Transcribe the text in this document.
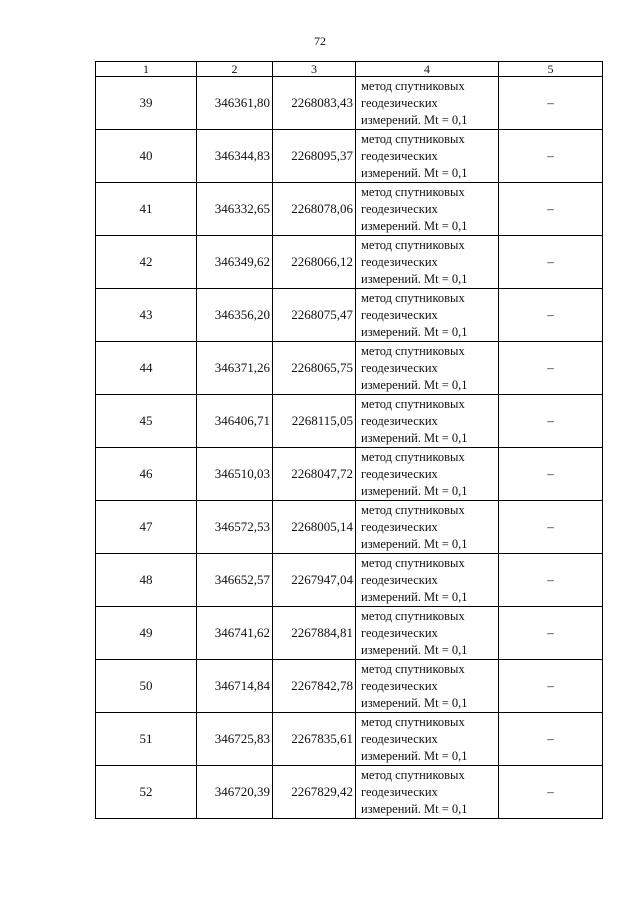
72
1	2	3	4	5
39	346361,80	2268083,43	метод спутниковых
геодезических
измерений. Mt = 0,1	–
40	346344,83	2268095,37	метод спутниковых
геодезических
измерений. Mt = 0,1	–
41	346332,65	2268078,06	метод спутниковых
геодезических
измерений. Mt = 0,1	–
42	346349,62	2268066,12	метод спутниковых
геодезических
измерений. Mt = 0,1	–
43	346356,20	2268075,47	метод спутниковых
геодезических
измерений. Mt = 0,1	–
44	346371,26	2268065,75	метод спутниковых
геодезических
измерений. Mt = 0,1	–
45	346406,71	2268115,05	метод спутниковых
геодезических
измерений. Mt = 0,1	–
46	346510,03	2268047,72	метод спутниковых
геодезических
измерений. Mt = 0,1	–
47	346572,53	2268005,14	метод спутниковых
геодезических
измерений. Mt = 0,1	–
48	346652,57	2267947,04	метод спутниковых
геодезических
измерений. Mt = 0,1	–
49	346741,62	2267884,81	метод спутниковых
геодезических
измерений. Mt = 0,1	–
50	346714,84	2267842,78	метод спутниковых
геодезических
измерений. Mt = 0,1	–
51	346725,83	2267835,61	метод спутниковых
геодезических
измерений. Mt = 0,1	–
52	346720,39	2267829,42	метод спутниковых
геодезических
измерений. Mt = 0,1	–
